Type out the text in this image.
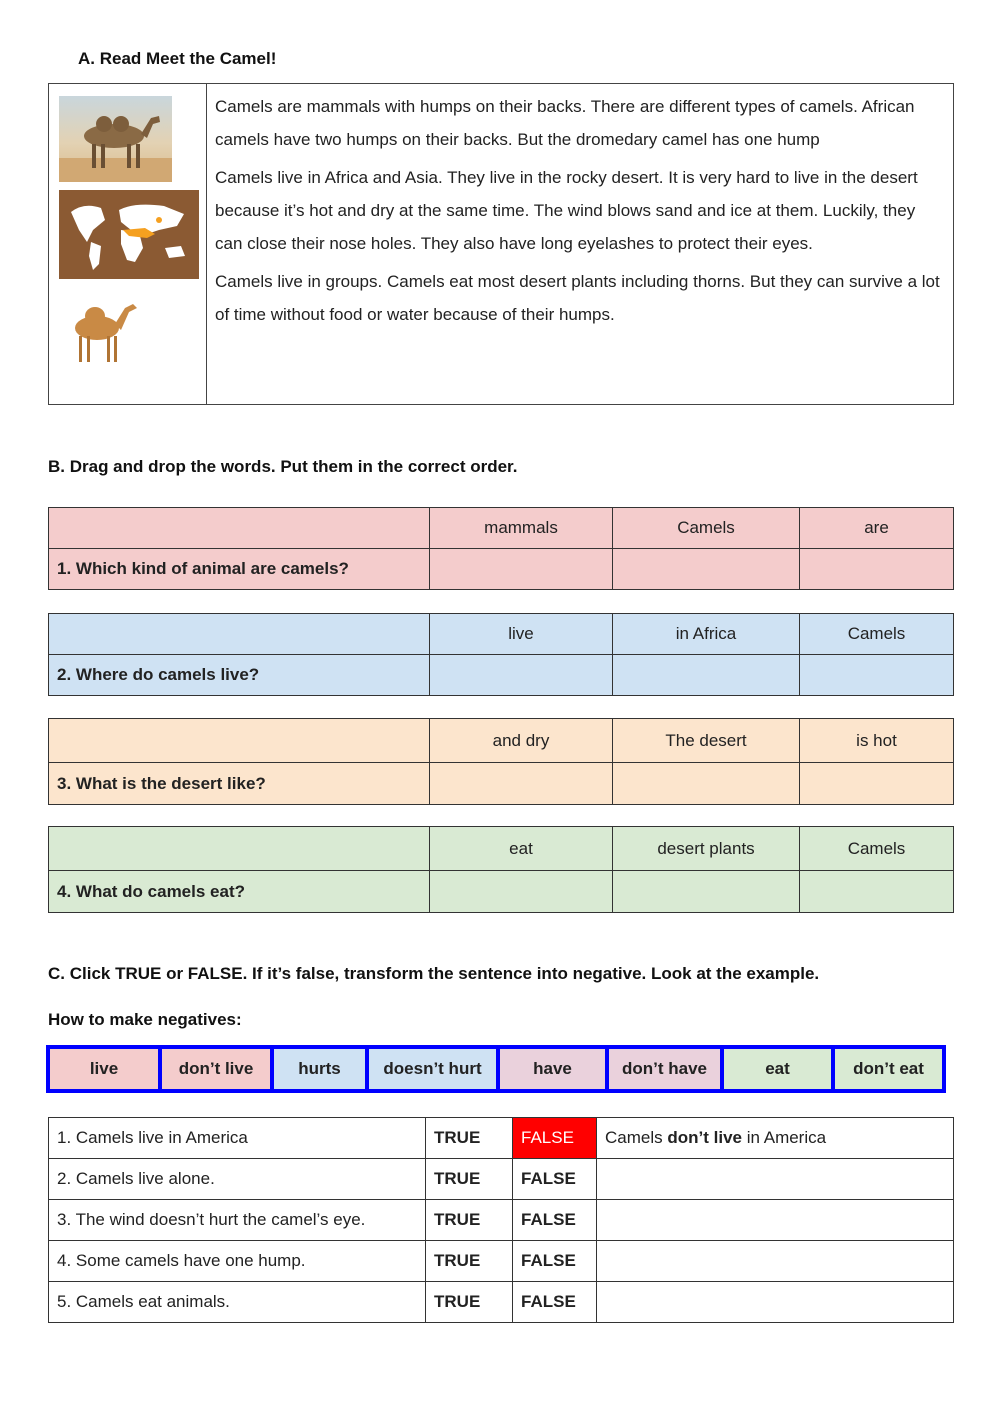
A. Read Meet the Camel!

Camels are mammals with humps on their backs. There are different types of camels. African camels have two humps on their backs. But the dromedary camel has one hump

Camels live in Africa and Asia. They live in the rocky desert. It is very hard to live in the desert because it’s hot and dry at the same time. The wind blows sand and ice at them. Luckily, they can close their nose holes. They also have long eyelashes to protect their eyes.

Camels live in groups. Camels eat most desert plants including thorns. But they can survive a lot of time without food or water because of their humps.

B. Drag and drop the words. Put them in the correct order.
	mammals	Camels	are
1. Which kind of animal are camels?			
	live	in Africa	Camels
2. Where do camels live?			
	and dry	The desert	is hot
3. What is the desert like?			
	eat	desert plants	Camels
4. What do camels eat?			
C. Click TRUE or FALSE. If it’s false, transform the sentence into negative. Look at the example.
How to make negatives:
live	don’t live	hurts	doesn’t hurt	have	don’t have	eat	don’t eat
1. Camels live in America	TRUE	FALSE	Camels don’t live in America
2. Camels live alone.	TRUE	FALSE	
3. The wind doesn’t hurt the camel’s eye.	TRUE	FALSE	
4. Some camels have one hump.	TRUE	FALSE	
5. Camels eat animals.	TRUE	FALSE	
